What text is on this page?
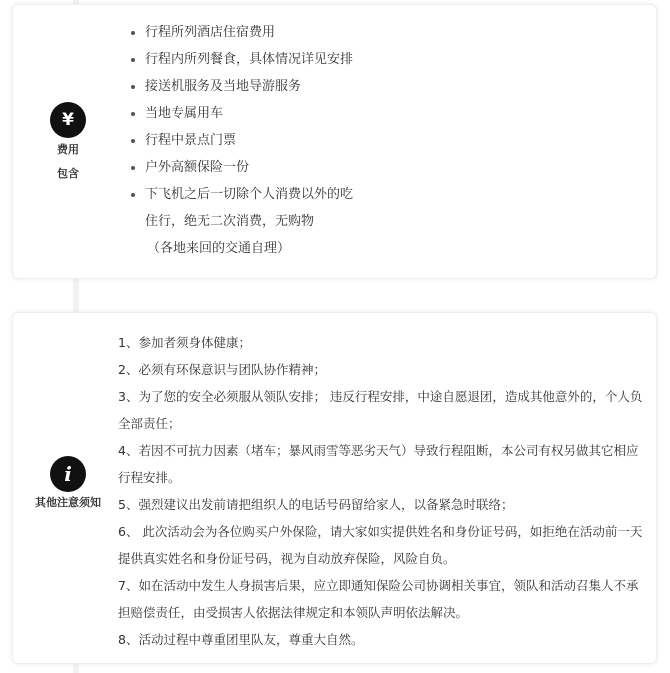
¥
费用
包含
行程所列酒店住宿费用
行程内所列餐食，具体情况详见安排
接送机服务及当地导游服务
当地专属用车
行程中景点门票
户外高额保险一份
下飞机之后一切除个人消费以外的吃
住行，绝无二次消费，无购物
（各地来回的交通自理）
i
其他注意须知

1、参加者须身体健康；

2、必须有环保意识与团队协作精神；

3、为了您的安全必须服从领队安排； 违反行程安排，中途自愿退团，造成其他意外的，个人负全部责任；

4、若因不可抗力因素（堵车；暴风雨雪等恶劣天气）导致行程阻断，本公司有权另做其它相应行程安排。

5、强烈建议出发前请把组织人的电话号码留给家人，以备紧急时联络；

6、 此次活动会为各位购买户外保险，请大家如实提供姓名和身份证号码，如拒绝在活动前一天提供真实姓名和身份证号码，视为自动放弃保险，风险自负。

7、如在活动中发生人身损害后果，应立即通知保险公司协调相关事宜，领队和活动召集人不承担赔偿责任，由受损害人依据法律规定和本领队声明依法解决。

8、活动过程中尊重团里队友，尊重大自然。
